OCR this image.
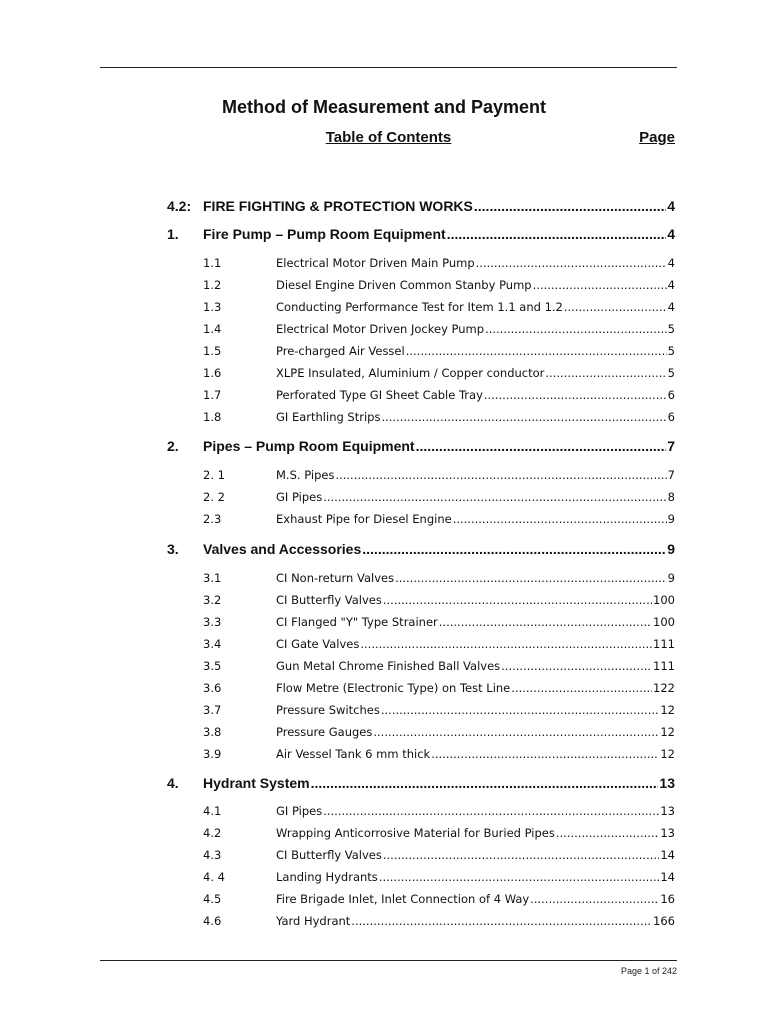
Method of Measurement and Payment
Table of Contents	Page
4.2: FIRE FIGHTING & PROTECTION WORKS .....	4
1.	Fire Pump – Pump Room Equipment .....	4
1.1	Electrical Motor Driven Main Pump .....	4
1.2	Diesel Engine Driven Common Stanby Pump .....	4
1.3	Conducting Performance Test for Item 1.1 and 1.2 .....	4
1.4	Electrical Motor Driven Jockey Pump .....	5
1.5	Pre-charged Air Vessel .....	5
1.6	XLPE Insulated, Aluminium / Copper conductor .....	5
1.7	Perforated Type GI Sheet Cable Tray .....	6
1.8	GI Earthling Strips .....	6
2.	Pipes – Pump Room Equipment .....	7
2. 1	M.S. Pipes .....	7
2. 2	GI Pipes .....	8
2.3	Exhaust Pipe for Diesel Engine .....	9
3.	Valves and Accessories .....	9
3.1	CI Non-return Valves .....	9
3.2	CI Butterfly Valves .....	100
3.3	CI Flanged "Y" Type Strainer .....	100
3.4	CI Gate Valves .....	111
3.5	Gun Metal Chrome Finished Ball Valves .....	111
3.6	Flow Metre (Electronic Type) on Test Line .....	122
3.7	Pressure Switches .....	12
3.8	Pressure Gauges .....	12
3.9	Air Vessel Tank 6 mm thick .....	12
4.	Hydrant System .....	13
4.1	GI Pipes .....	13
4.2	Wrapping Anticorrosive Material for Buried Pipes .....	13
4.3	CI Butterfly Valves .....	14
4. 4	Landing Hydrants .....	14
4.5	Fire Brigade Inlet, Inlet Connection of 4 Way .....	16
4.6	Yard Hydrant .....	166
Page 1 of 242
